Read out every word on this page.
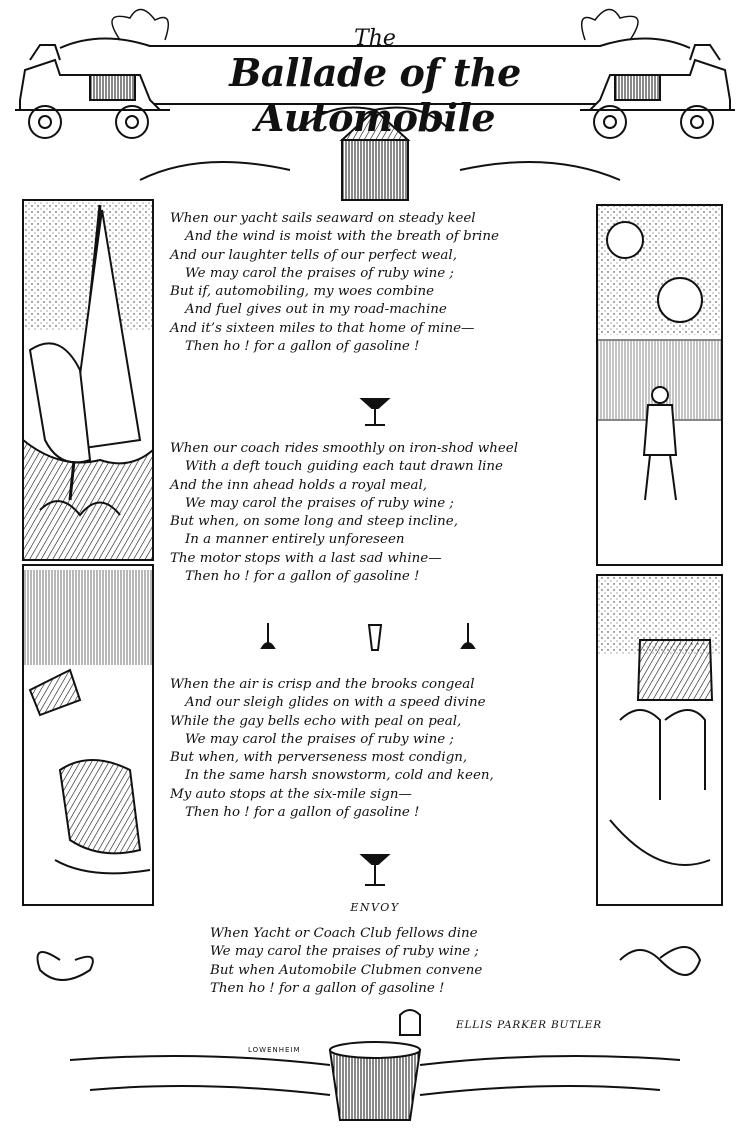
The
Ballade of the Automobile
When our yacht sails seaward on steady keel
And the wind is moist with the breath of brine
And our laughter tells of our perfect weal,
We may carol the praises of ruby wine ;
But if, automobiling, my woes combine
And fuel gives out in my road-machine
And it’s sixteen miles to that home of mine—
Then ho ! for a gallon of gasoline !
When our coach rides smoothly on iron-shod wheel
With a deft touch guiding each taut drawn line
And the inn ahead holds a royal meal,
We may carol the praises of ruby wine ;
But when, on some long and steep incline,
In a manner entirely unforeseen
The motor stops with a last sad whine—
Then ho ! for a gallon of gasoline !
When the air is crisp and the brooks congeal
And our sleigh glides on with a speed divine
While the gay bells echo with peal on peal,
We may carol the praises of ruby wine ;
But when, with perverseness most condign,
In the same harsh snowstorm, cold and keen,
My auto stops at the six-mile sign—
Then ho ! for a gallon of gasoline !
ENVOY
When Yacht or Coach Club fellows dine
We may carol the praises of ruby wine ;
But when Automobile Clubmen convene
Then ho ! for a gallon of gasoline !
ELLIS PARKER BUTLER
LOWENHEIM
